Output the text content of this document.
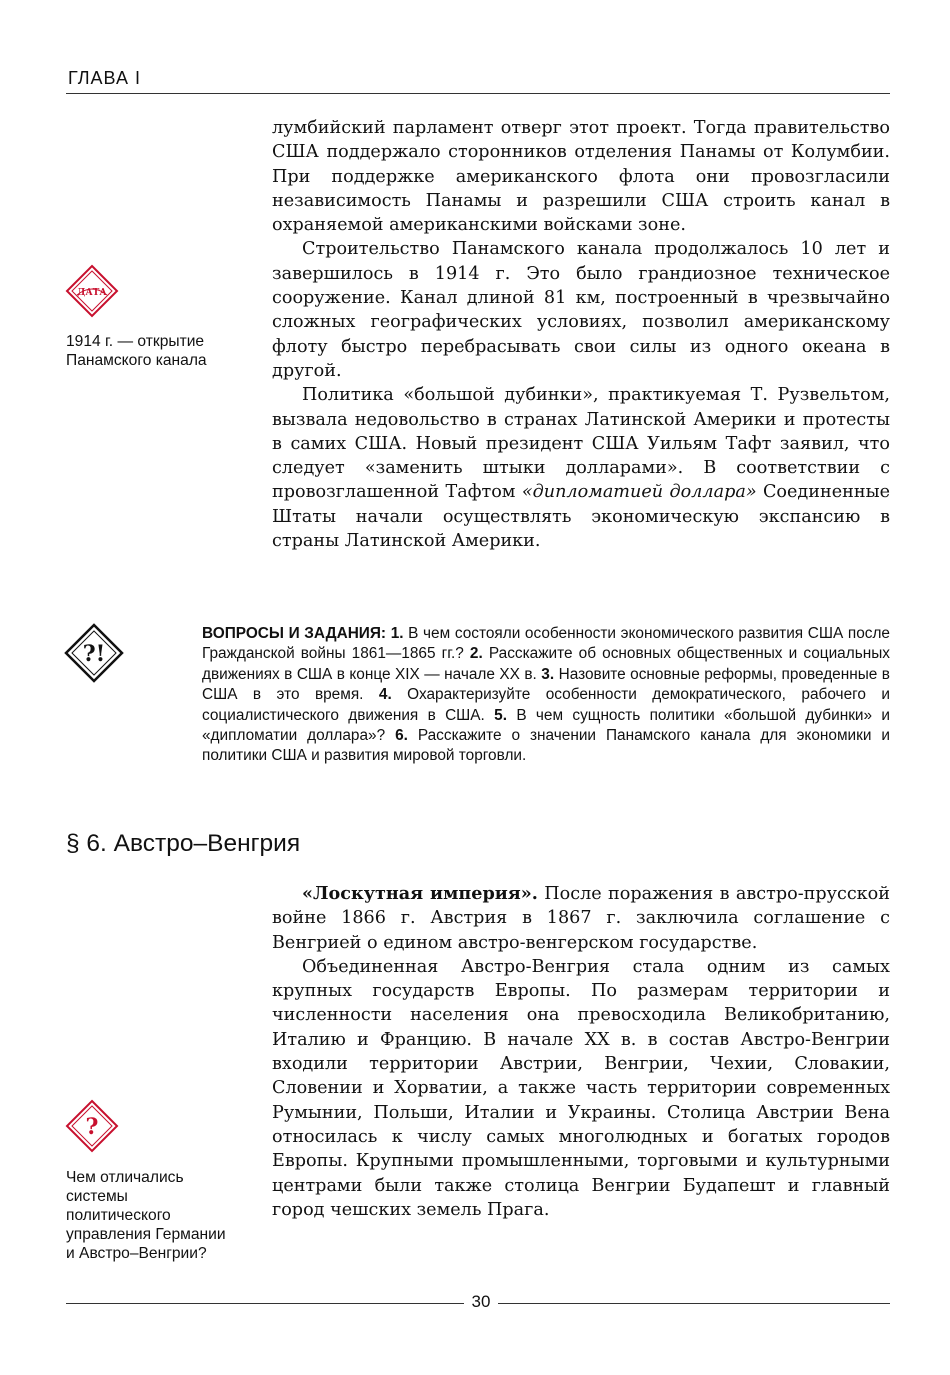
ГЛАВА I

лумбийский парламент отверг этот проект. Тогда правительство США поддержало сторонников отделения Панамы от Колумбии. При поддержке американского флота они провозгласили независимость Панамы и разрешили США строить канал в охраняемой американскими войсками зоне.

Строительство Панамского канала продолжалось 10 лет и завершилось в 1914 г. Это было грандиозное техническое сооружение. Канал длиной 81 км, построенный в чрезвычайно сложных географических условиях, позволил американскому флоту быстро перебрасывать свои силы из одного океана в другой.

Политика «большой дубинки», практикуемая Т. Рузвельтом, вызвала недовольство в странах Латинской Америки и протесты в самих США. Новый президент США Уильям Тафт заявил, что следует «заменить штыки долларами». В соответствии с провозглашенной Тафтом «дипломатией доллара» Соединенные Штаты начали осуществлять экономическую экспансию в страны Латинской Америки.

ДАТА
1914 г. — открытие Панамского канала
?!
ВОПРОСЫ И ЗАДАНИЯ: 1. В чем состояли особенности экономического развития США после Гражданской войны 1861—1865 гг.? 2. Расскажите об основных общественных и социальных движениях в США в конце XIX — начале XX в. 3. Назовите основные реформы, проведенные в США в это время. 4. Охарактеризуйте особенности демократического, рабочего и социалистического движения в США. 5. В чем сущность политики «большой дубинки» и «дипломатии доллара»? 6. Расскажите о значении Панамского канала для экономики и политики США и развития мировой торговли.
§ 6. Австро–Венгрия

«Лоскутная империя». После поражения в австро-прусской войне 1866 г. Австрия в 1867 г. заключила соглашение с Венгрией о едином австро-венгерском государстве.

Объединенная Австро-Венгрия стала одним из самых крупных государств Европы. По размерам территории и численности населения она превосходила Великобританию, Италию и Францию. В начале XX в. в состав Австро-Венгрии входили территории Австрии, Венгрии, Чехии, Словакии, Словении и Хорватии, а также часть территории современных Румынии, Польши, Италии и Украины. Столица Австрии Вена относилась к числу самых многолюдных и богатых городов Европы. Крупными промышленными, торговыми и культурными центрами были также столица Венгрии Будапешт и главный город чешских земель Прага.

?
Чем отличались системы политического управления Германии и Австро–Венгрии?
30
